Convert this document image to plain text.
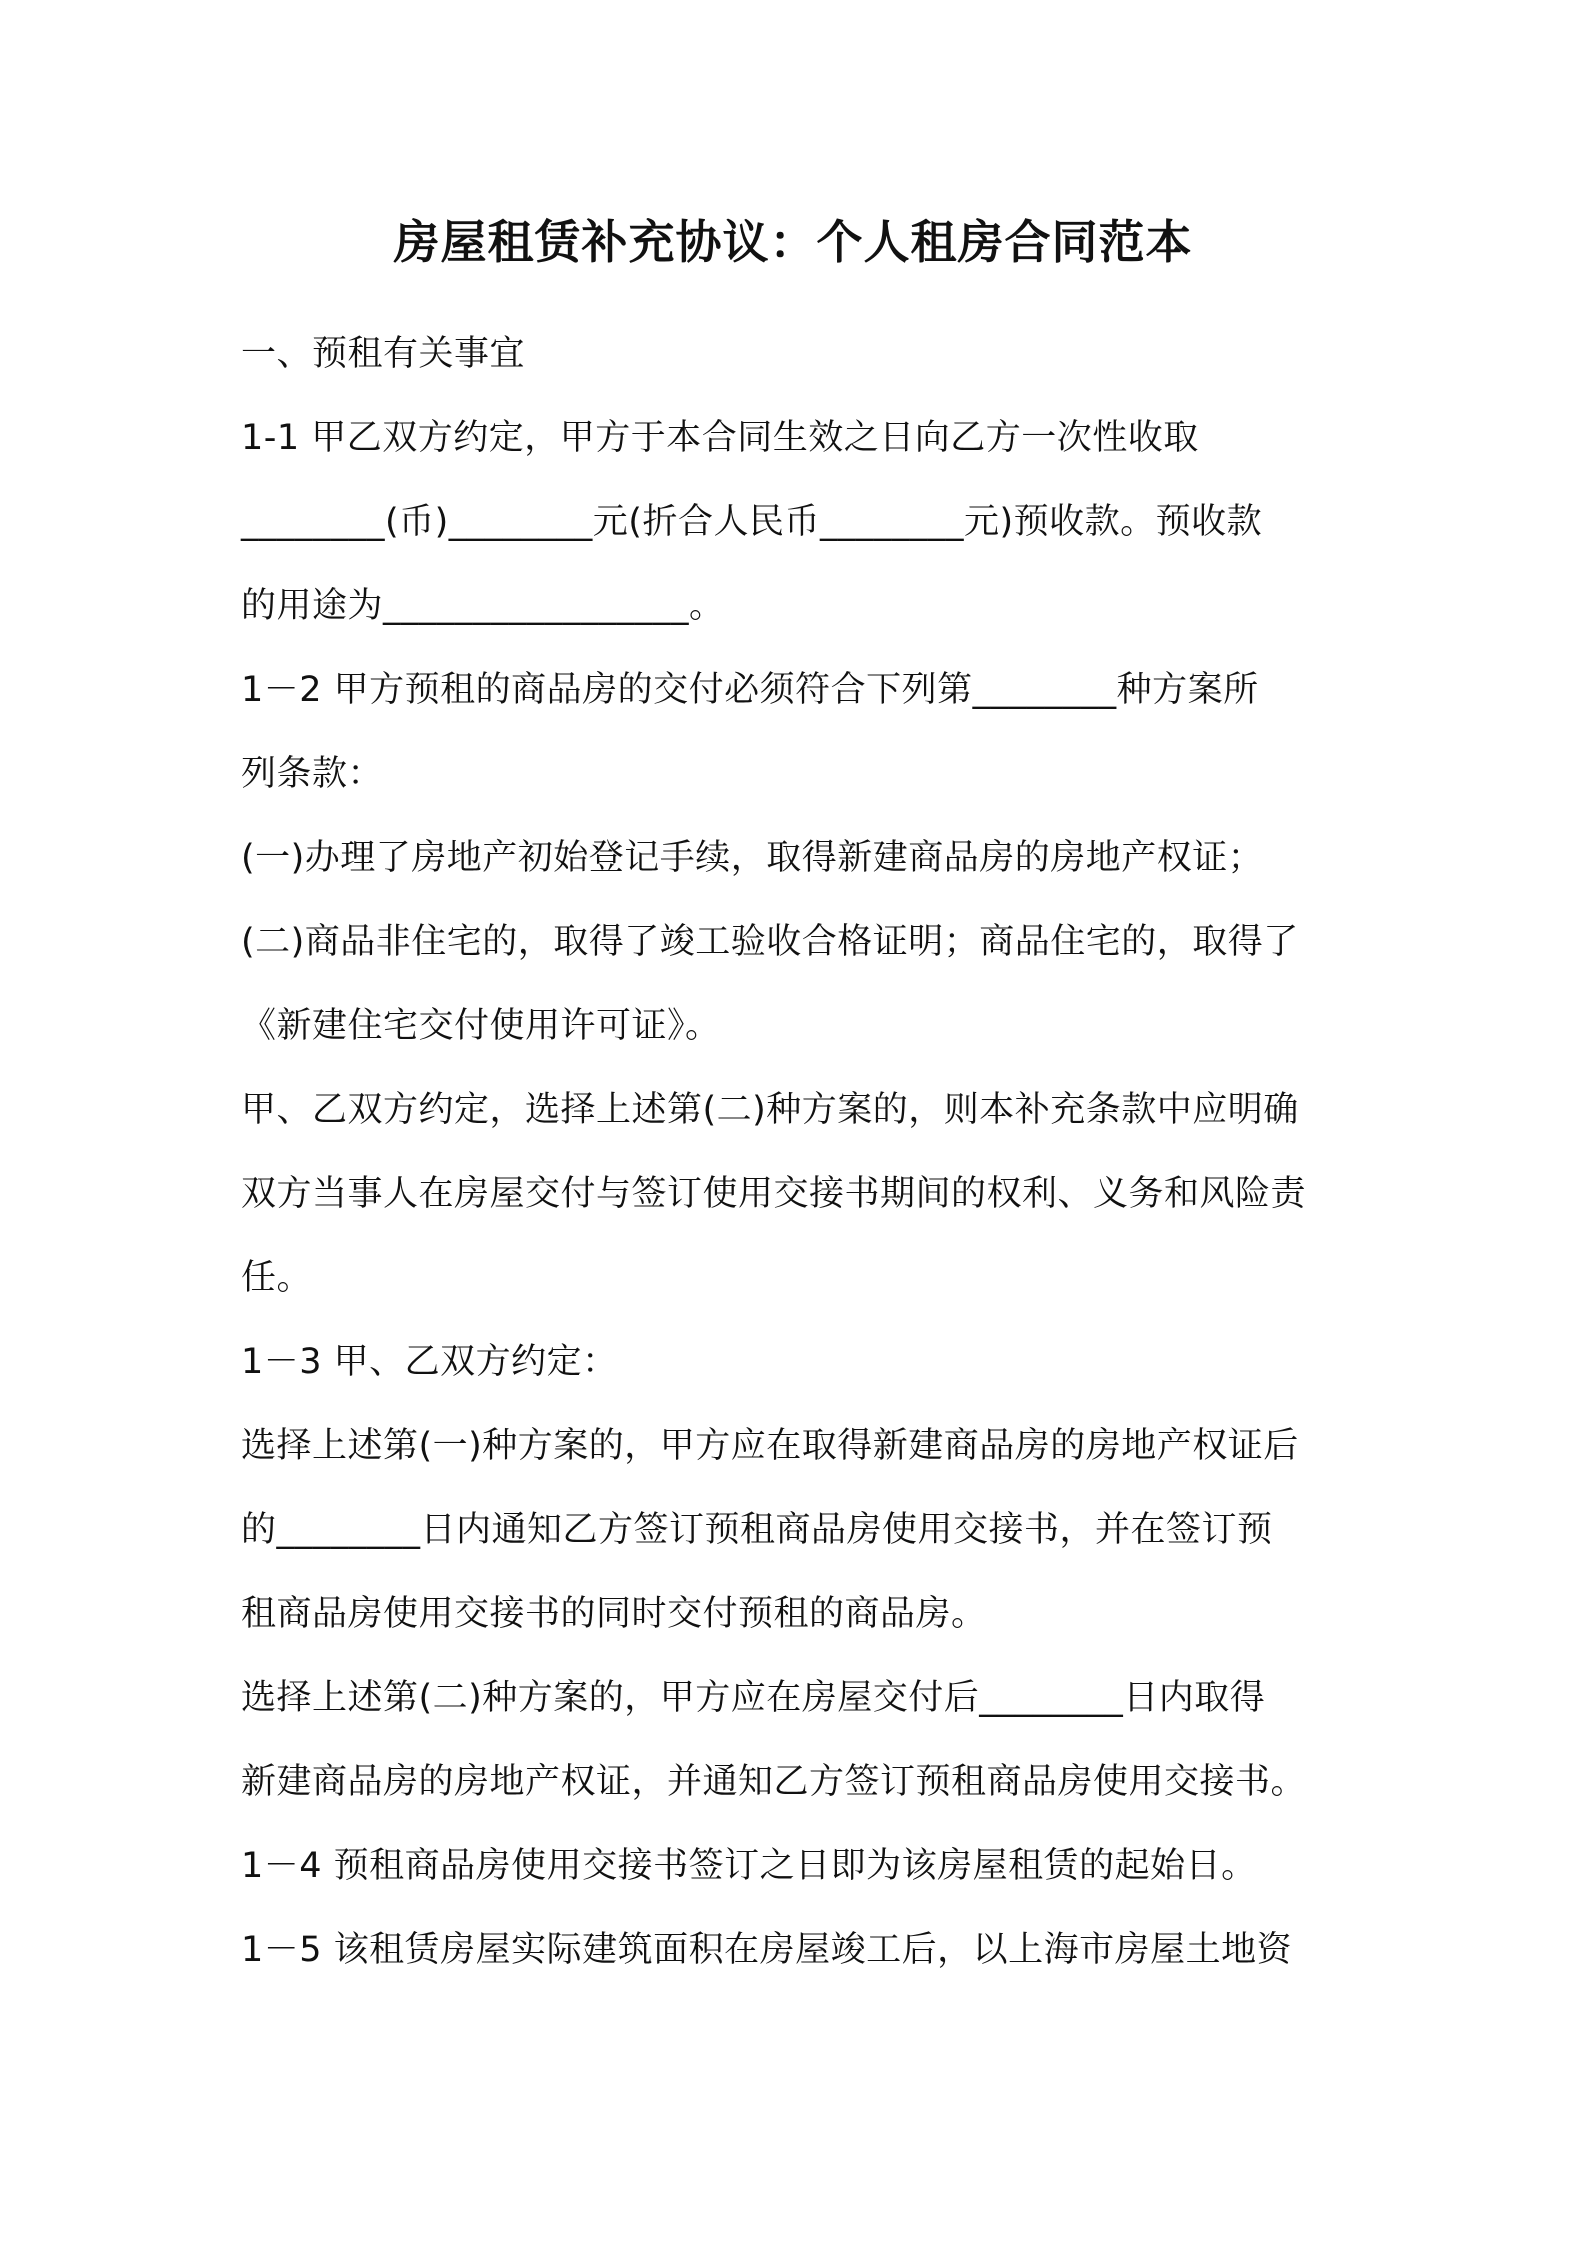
房屋租赁补充协议：个人租房合同范本
一、预租有关事宜
1-1 甲乙双方约定，甲方于本合同生效之日向乙方一次性收取
________(币)________元(折合人民币________元)预收款。预收款
的用途为_________________。
1－2 甲方预租的商品房的交付必须符合下列第________种方案所
列条款：
(一)办理了房地产初始登记手续，取得新建商品房的房地产权证；
(二)商品非住宅的，取得了竣工验收合格证明；商品住宅的，取得了
《新建住宅交付使用许可证》。
甲、乙双方约定，选择上述第(二)种方案的，则本补充条款中应明确
双方当事人在房屋交付与签订使用交接书期间的权利、义务和风险责
任。
1－3 甲、乙双方约定：
选择上述第(一)种方案的，甲方应在取得新建商品房的房地产权证后
的________日内通知乙方签订预租商品房使用交接书，并在签订预
租商品房使用交接书的同时交付预租的商品房。
选择上述第(二)种方案的，甲方应在房屋交付后________日内取得
新建商品房的房地产权证，并通知乙方签订预租商品房使用交接书。
1－4 预租商品房使用交接书签订之日即为该房屋租赁的起始日。
1－5 该租赁房屋实际建筑面积在房屋竣工后，以上海市房屋土地资
